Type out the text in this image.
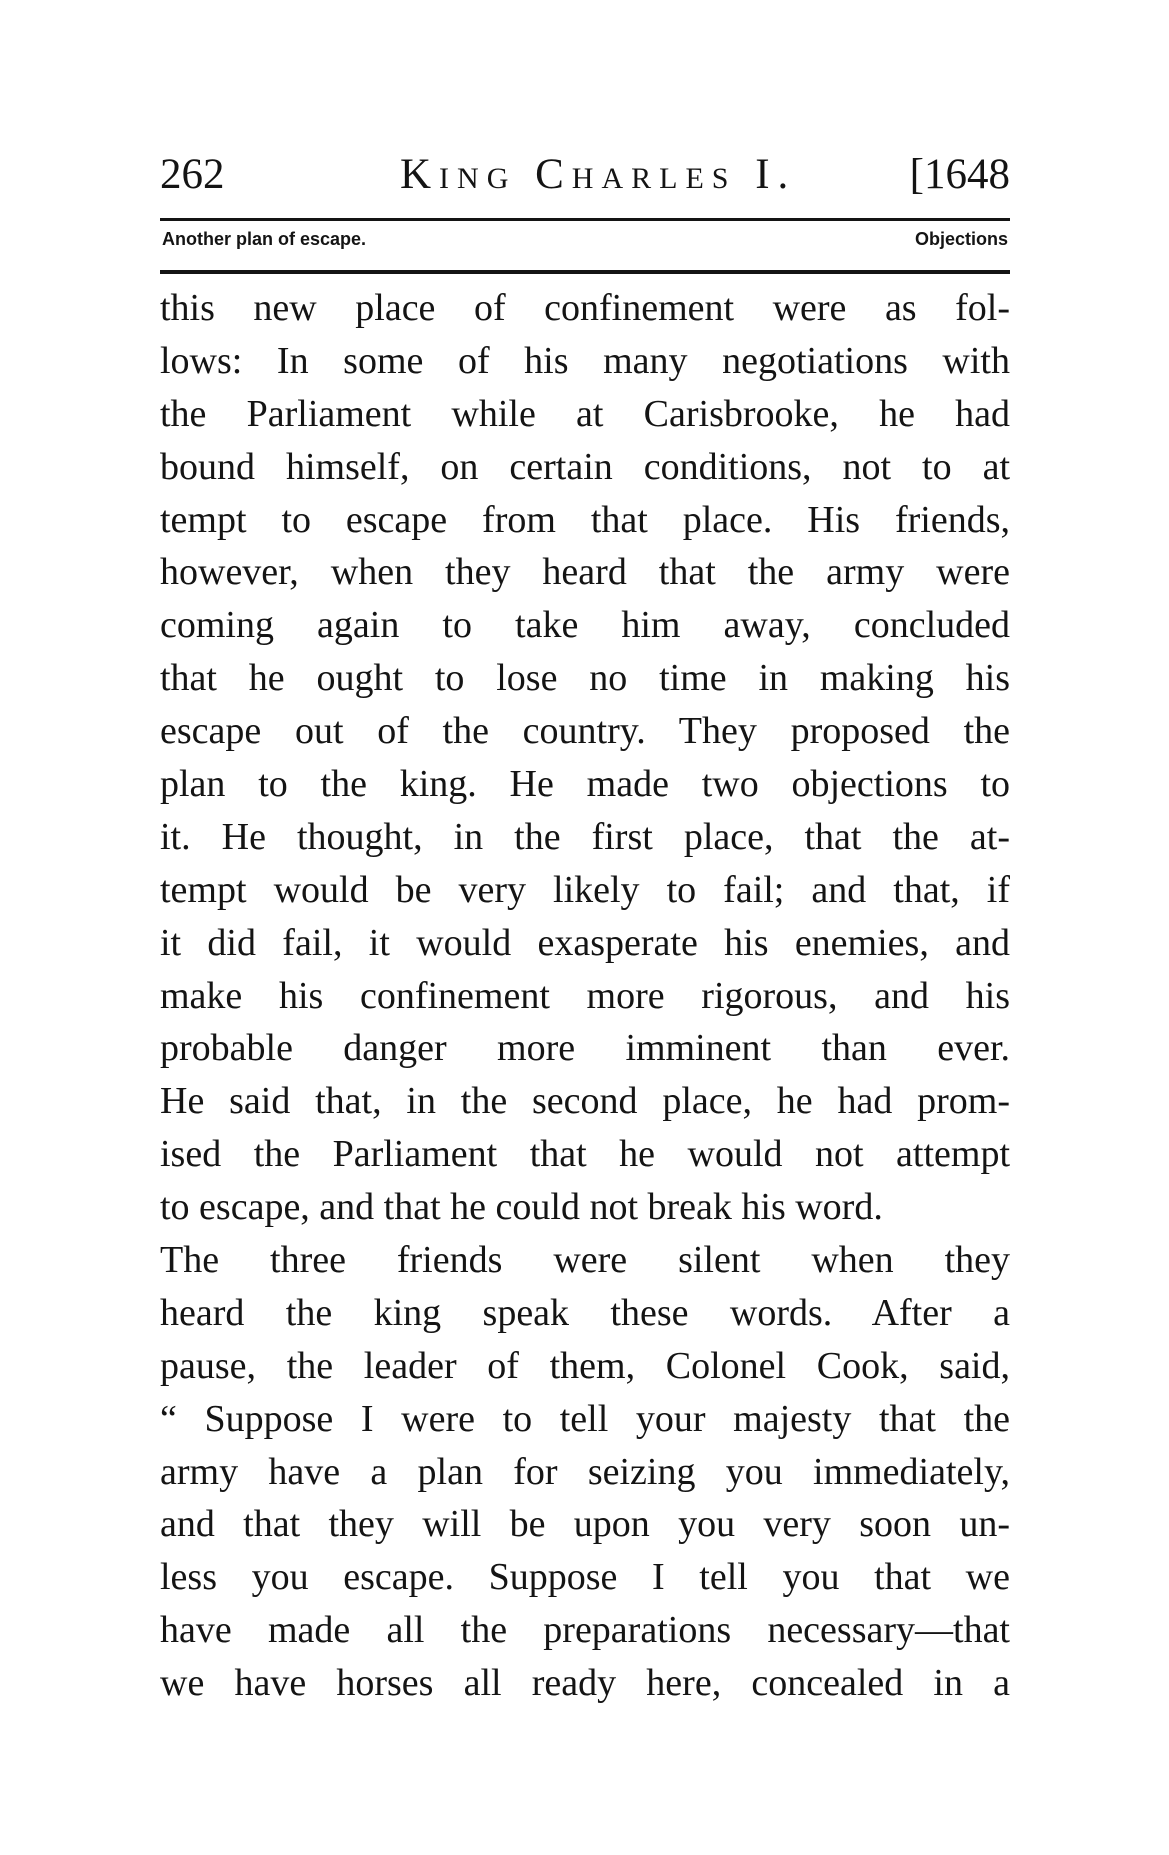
262	King Charles I.	[1648
Another plan of escape.	Objections
this new place of confinement were as fol-
lows: In some of his many negotiations with
the Parliament while at Carisbrooke, he had
bound himself, on certain conditions, not to at
tempt to escape from that place. His friends,
however, when they heard that the army were
coming again to take him away, concluded
that he ought to lose no time in making his
escape out of the country. They proposed the
plan to the king. He made two objections to
it. He thought, in the first place, that the at-
tempt would be very likely to fail; and that, if
it did fail, it would exasperate his enemies, and
make his confinement more rigorous, and his
probable danger more imminent than ever.
He said that, in the second place, he had prom-
ised the Parliament that he would not attempt
to escape, and that he could not break his word.
The three friends were silent when they
heard the king speak these words. After a
pause, the leader of them, Colonel Cook, said,
“ Suppose I were to tell your majesty that the
army have a plan for seizing you immediately,
and that they will be upon you very soon un-
less you escape. Suppose I tell you that we
have made all the preparations necessary—that
we have horses all ready here, concealed in a
